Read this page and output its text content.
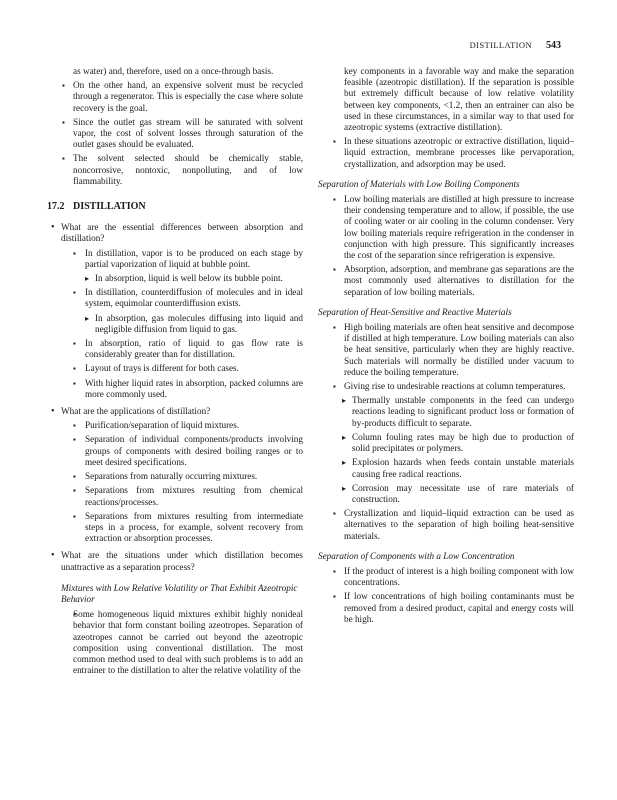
DISTILLATION 543

as water) and, therefore, used on a once-through basis.

▪ On the other hand, an expensive solvent must be recycled through a regenerator. This is especially the case where solute recovery is the goal.
▪ Since the outlet gas stream will be saturated with solvent vapor, the cost of solvent losses through saturation of the outlet gases should be evaluated.
▪ The solvent selected should be chemically stable, noncorrosive, nontoxic, nonpolluting, and of low flammability.
17.2 DISTILLATION
• What are the essential differences between absorption and distillation?
▪ In distillation, vapor is to be produced on each stage by partial vaporization of liquid at bubble point.
▸ In absorption, liquid is well below its bubble point.
▪ In distillation, counterdiffusion of molecules and in ideal system, equimolar counterdiffusion exists.
▸ In absorption, gas molecules diffusing into liquid and negligible diffusion from liquid to gas.
▪ In absorption, ratio of liquid to gas flow rate is considerably greater than for distillation.
▪ Layout of trays is different for both cases.
▪ With higher liquid rates in absorption, packed columns are more commonly used.
• What are the applications of distillation?
▪ Purification/separation of liquid mixtures.
▪ Separation of individual components/products involving groups of components with desired boiling ranges or to meet desired specifications.
▪ Separations from naturally occurring mixtures.
▪ Separations from mixtures resulting from chemical reactions/processes.
▪ Separations from mixtures resulting from intermediate steps in a process, for example, solvent recovery from extraction or absorption processes.
• What are the situations under which distillation becomes unattractive as a separation process?
Mixtures with Low Relative Volatility or That Exhibit Azeotropic Behavior
▪ Some homogeneous liquid mixtures exhibit highly nonideal behavior that form constant boiling azeotropes. Separation of azeotropes cannot be carried out beyond the azeotropic composition using conventional distillation. The most common method used to deal with such problems is to add an entrainer to the distillation to alter the relative volatility of the

key components in a favorable way and make the separation feasible (azeotropic distillation). If the separation is possible but extremely difficult because of low relative volatility between key components, <1.2, then an entrainer can also be used in these circumstances, in a similar way to that used for azeotropic systems (extractive distillation).

▪ In these situations azeotropic or extractive distillation, liquid–liquid extraction, membrane processes like pervaporation, crystallization, and adsorption may be used.
Separation of Materials with Low Boiling Components
▪ Low boiling materials are distilled at high pressure to increase their condensing temperature and to allow, if possible, the use of cooling water or air cooling in the column condenser. Very low boiling materials require refrigeration in the condenser in conjunction with high pressure. This significantly increases the cost of the separation since refrigeration is expensive.
▪ Absorption, adsorption, and membrane gas separations are the most commonly used alternatives to distillation for the separation of low boiling materials.
Separation of Heat-Sensitive and Reactive Materials
▪ High boiling materials are often heat sensitive and decompose if distilled at high temperature. Low boiling materials can also be heat sensitive, particularly when they are highly reactive. Such materials will normally be distilled under vacuum to reduce the boiling temperature.
▪ Giving rise to undesirable reactions at column temperatures.
▸ Thermally unstable components in the feed can undergo reactions leading to significant product loss or formation of by-products difficult to separate.
▸ Column fouling rates may be high due to production of solid precipitates or polymers.
▸ Explosion hazards when feeds contain unstable materials causing free radical reactions.
▸ Corrosion may necessitate use of rare materials of construction.
▪ Crystallization and liquid–liquid extraction can be used as alternatives to the separation of high boiling heat-sensitive materials.
Separation of Components with a Low Concentration
▪ If the product of interest is a high boiling component with low concentrations.
▪ If low concentrations of high boiling contaminants must be removed from a desired product, capital and energy costs will be high.
